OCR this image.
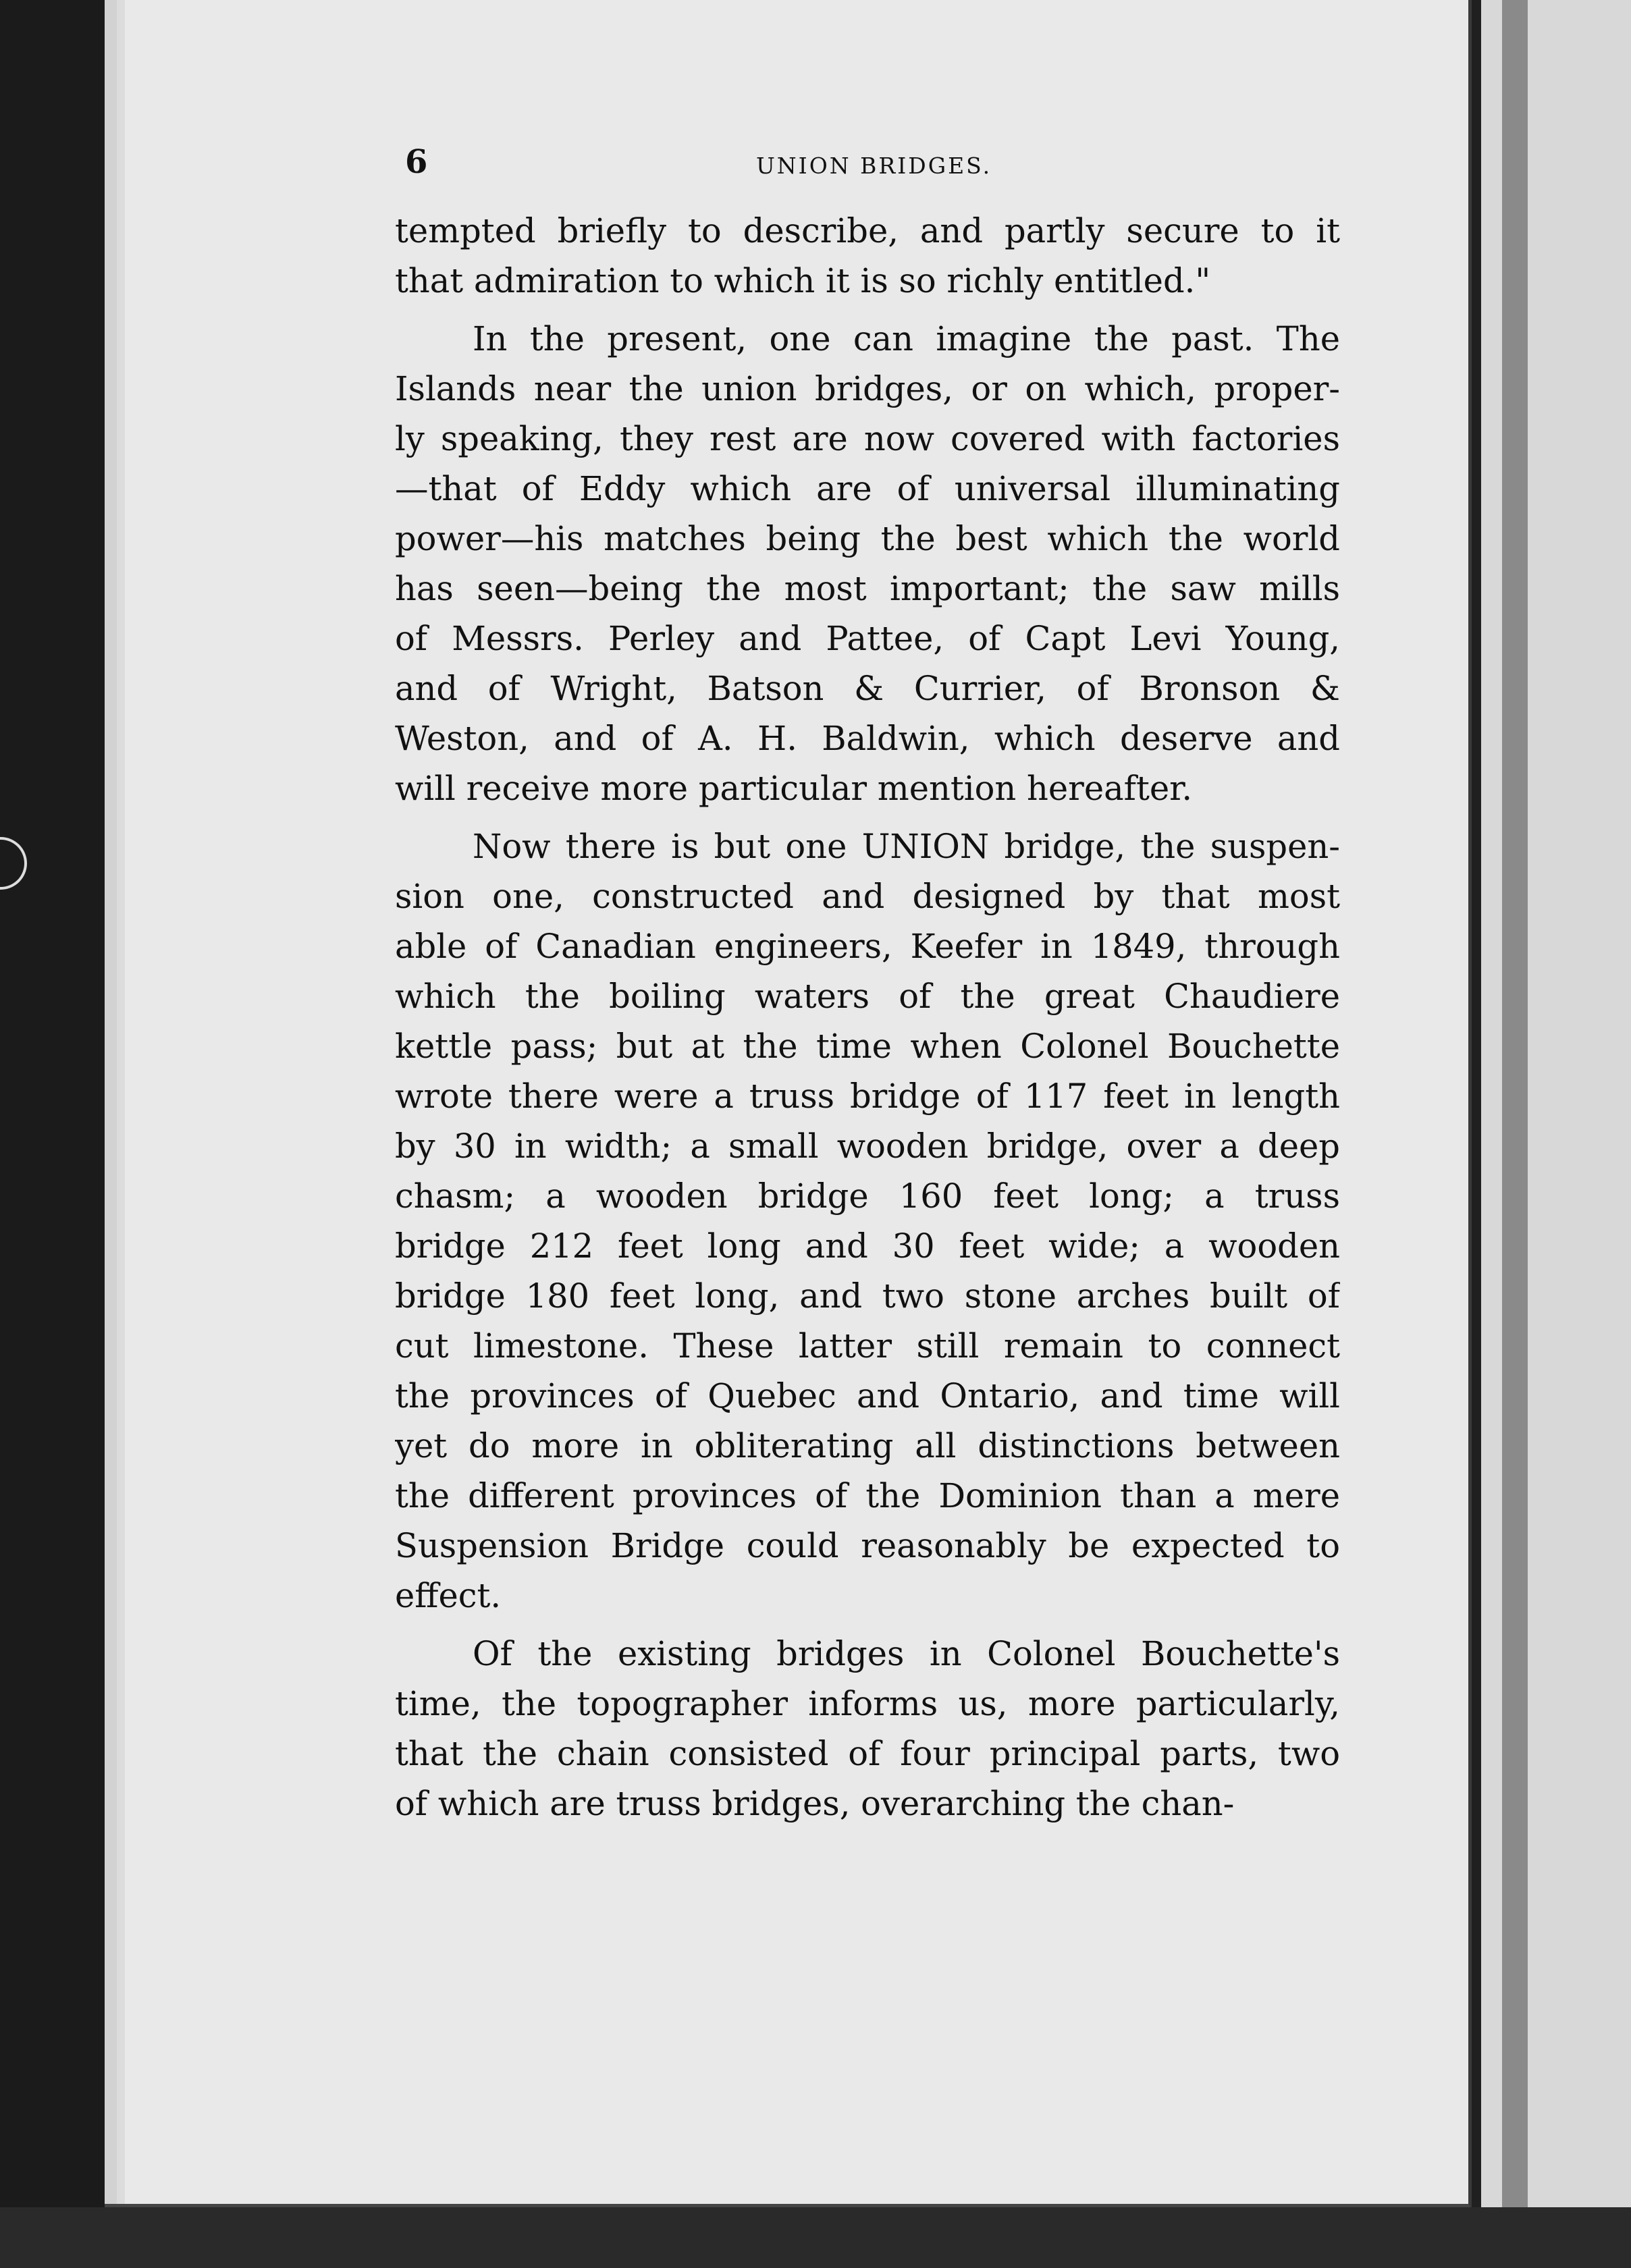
6	UNION BRIDGES.
tempted briefly to describe, and partly secure to it
that admiration to which it is so richly entitled."
In the present, one can imagine the past. The
Islands near the union bridges, or on which, proper-
ly speaking, they rest are now covered with factories
—that of Eddy which are of universal illuminating
power—his matches being the best which the world
has seen—being the most important; the saw mills
of Messrs. Perley and Pattee, of Capt Levi Young,
and of Wright, Batson & Currier, of Bronson &
Weston, and of A. H. Baldwin, which deserve and
will receive more particular mention hereafter.
Now there is but one UNION bridge, the suspen-
sion one, constructed and designed by that most
able of Canadian engineers, Keefer in 1849, through
which the boiling waters of the great Chaudiere
kettle pass; but at the time when Colonel Bouchette
wrote there were a truss bridge of 117 feet in length
by 30 in width; a small wooden bridge, over a deep
chasm; a wooden bridge 160 feet long; a truss
bridge 212 feet long and 30 feet wide; a wooden
bridge 180 feet long, and two stone arches built of
cut limestone. These latter still remain to connect
the provinces of Quebec and Ontario, and time will
yet do more in obliterating all distinctions between
the different provinces of the Dominion than a mere
Suspension Bridge could reasonably be expected to
effect.
Of the existing bridges in Colonel Bouchette's
time, the topographer informs us, more particularly,
that the chain consisted of four principal parts, two
of which are truss bridges, overarching the chan-
